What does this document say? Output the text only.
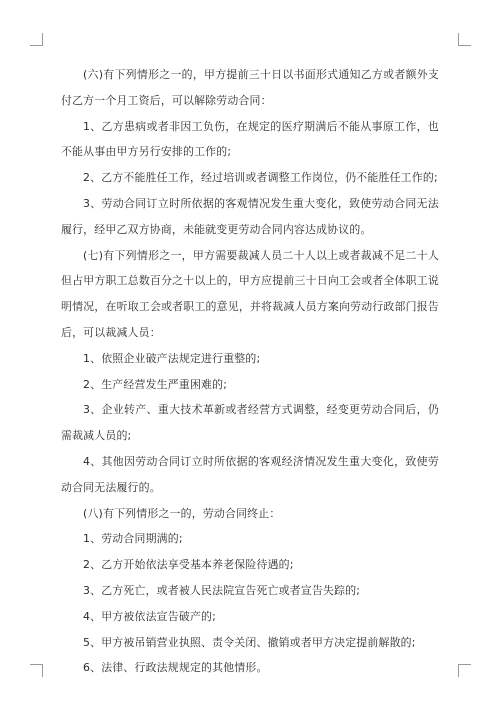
(六)有下列情形之一的，甲方提前三十日以书面形式通知乙方或者额外支付乙方一个月工资后，可以解除劳动合同：

1、乙方患病或者非因工负伤，在规定的医疗期满后不能从事原工作，也不能从事由甲方另行安排的工作的;

2、乙方不能胜任工作，经过培训或者调整工作岗位，仍不能胜任工作的;

3、劳动合同订立时所依据的客观情况发生重大变化，致使劳动合同无法履行，经甲乙双方协商，未能就变更劳动合同内容达成协议的。

(七)有下列情形之一，甲方需要裁减人员二十人以上或者裁减不足二十人但占甲方职工总数百分之十以上的，甲方应提前三十日向工会或者全体职工说明情况，在听取工会或者职工的意见，并将裁减人员方案向劳动行政部门报告后，可以裁减人员：

1、依照企业破产法规定进行重整的;

2、生产经营发生严重困难的;

3、企业转产、重大技术革新或者经营方式调整，经变更劳动合同后，仍需裁减人员的;

4、其他因劳动合同订立时所依据的客观经济情况发生重大变化，致使劳动合同无法履行的。

(八)有下列情形之一的，劳动合同终止：

1、劳动合同期满的;

2、乙方开始依法享受基本养老保险待遇的;

3、乙方死亡，或者被人民法院宣告死亡或者宣告失踪的;

4、甲方被依法宣告破产的;

5、甲方被吊销营业执照、责令关闭、撤销或者甲方决定提前解散的;

6、法律、行政法规规定的其他情形。
